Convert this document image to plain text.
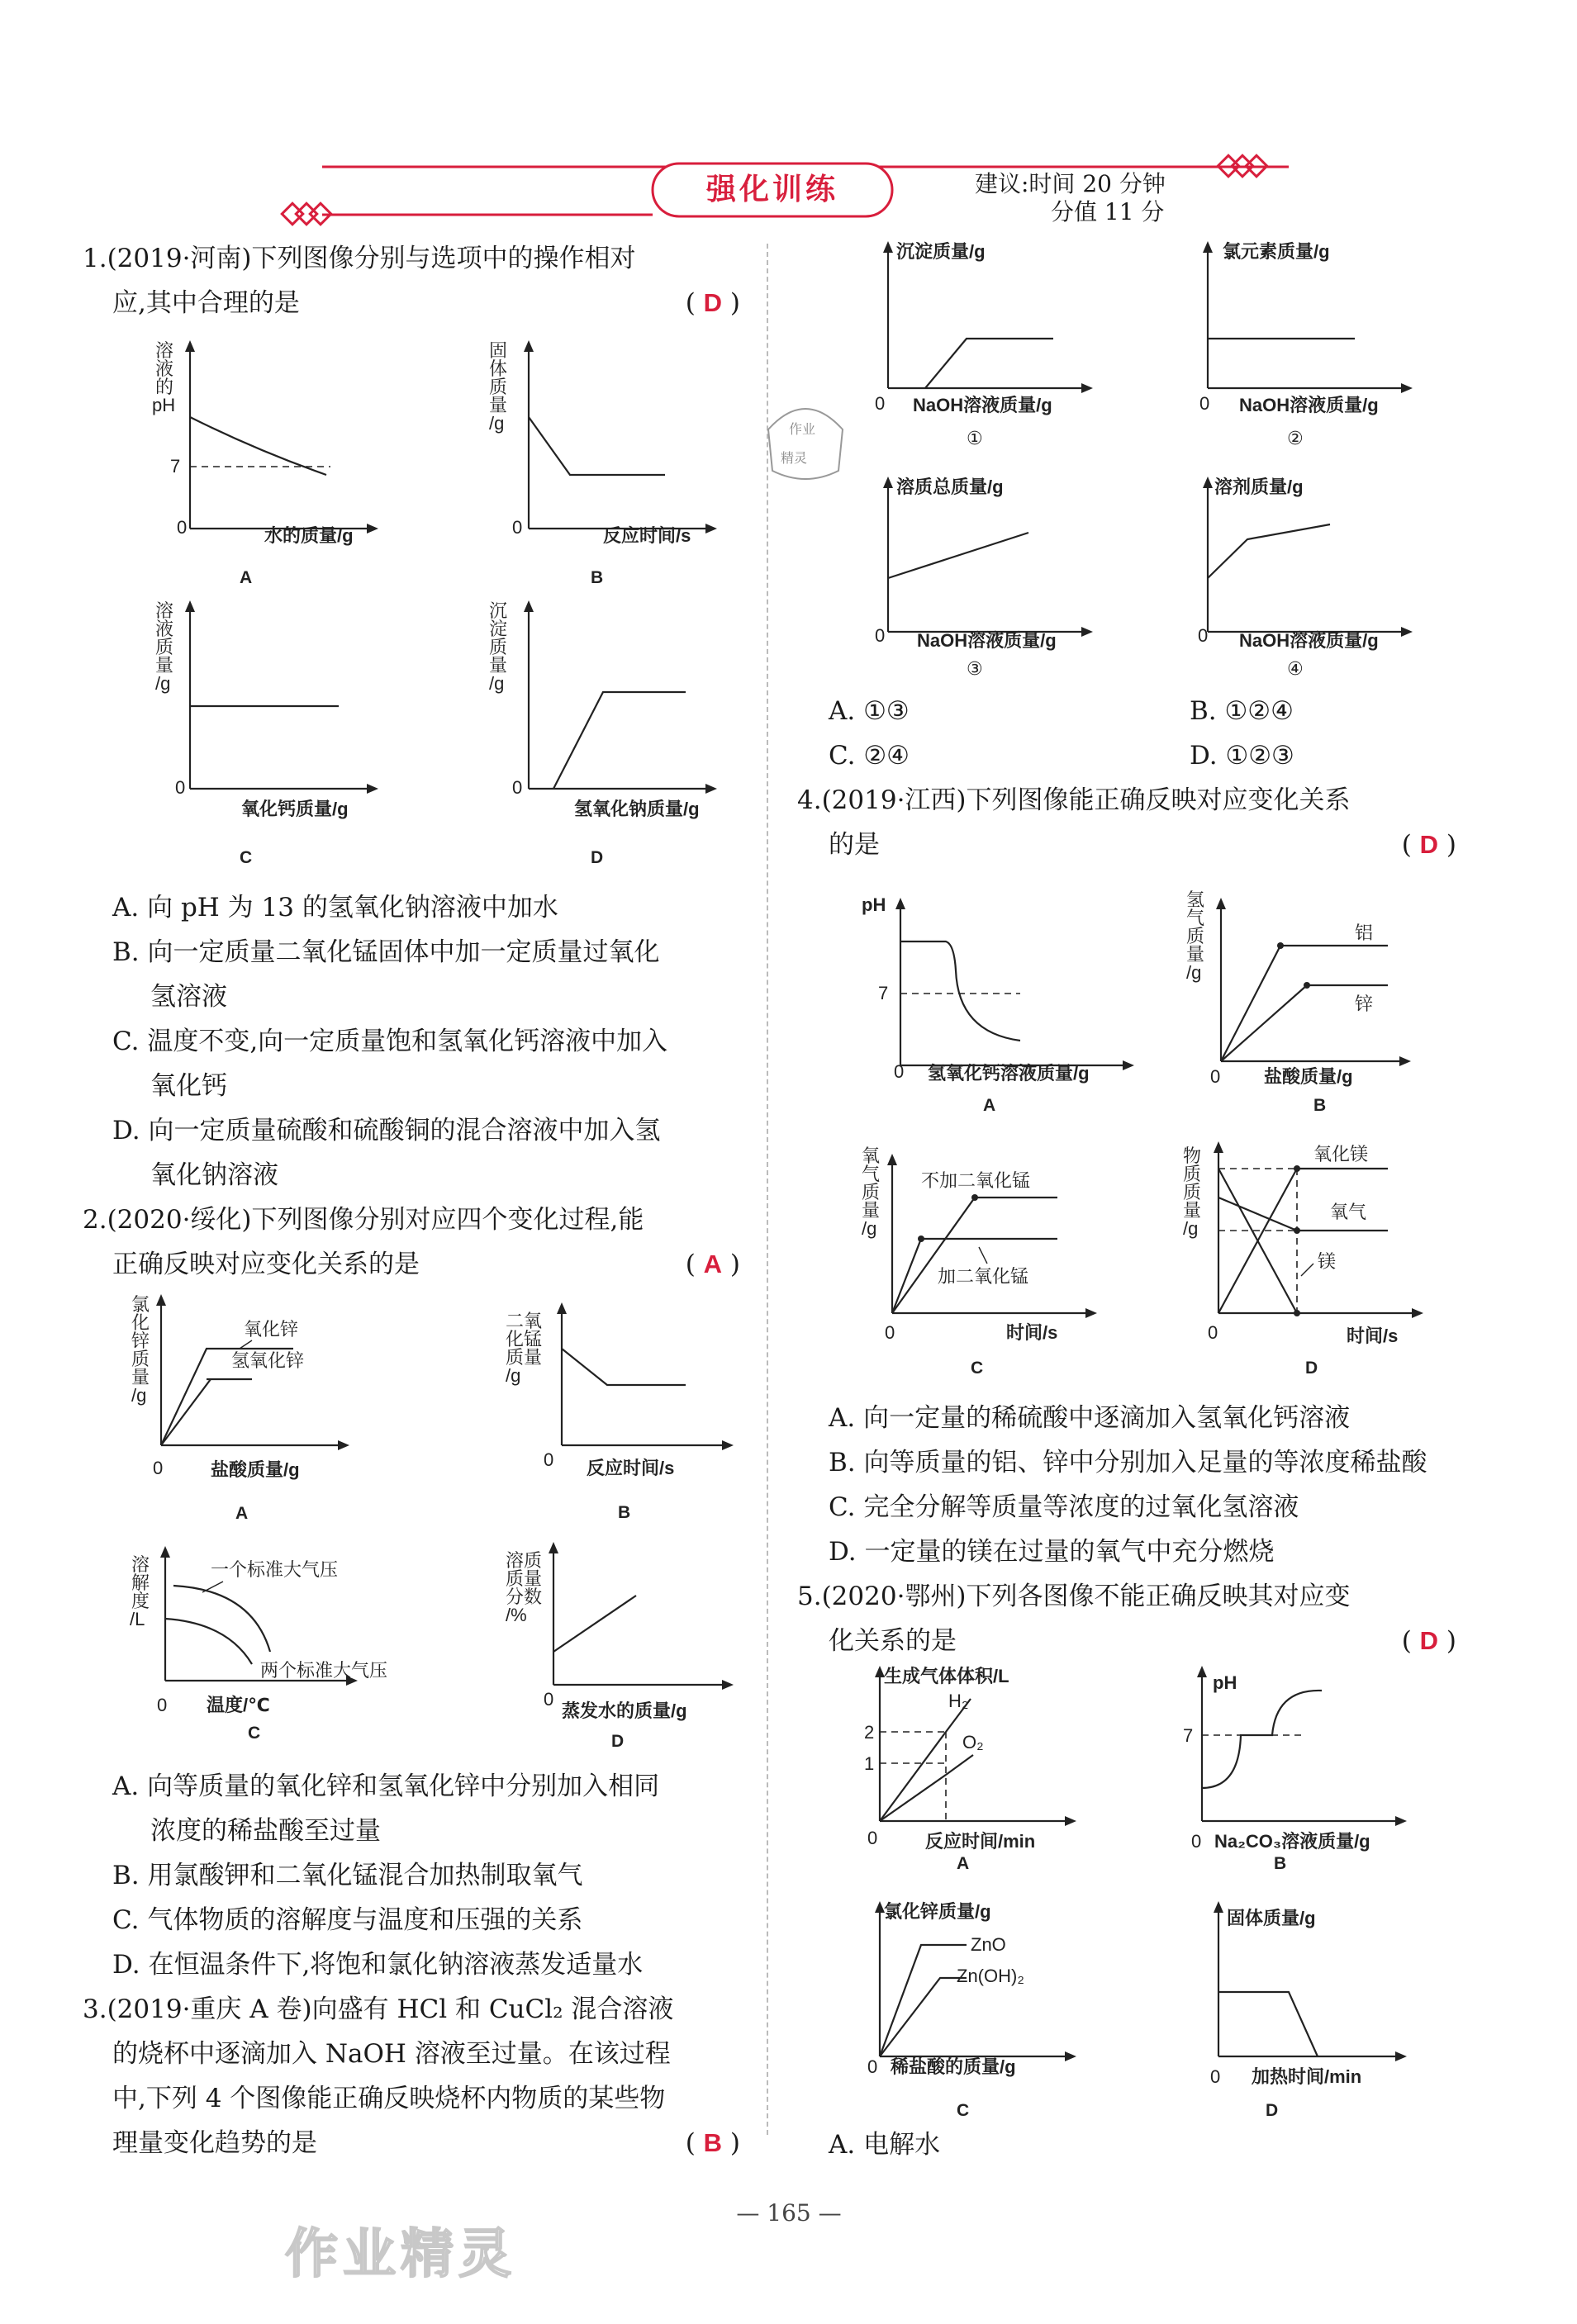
强化训练	建议:时间 20 分钟
分值 11 分
1.(2019·河南)下列图像分别与选项中的操作相对
应,其中合理的是	( D )
溶
液
的
pH
7
0	水的质量/g
A
固
体
质
量
/g
0	反应时间/s
B
溶
液
质
量
/g
0
氧化钙质量/g
C
沉
淀
质
量
/g
0
氢氧化钠质量/g
D
A. 向 pH 为 13 的氢氧化钠溶液中加水
B. 向一定质量二氧化锰固体中加一定质量过氧化
氢溶液
C. 温度不变,向一定质量饱和氢氧化钙溶液中加入
氧化钙
D. 向一定质量硫酸和硫酸铜的混合溶液中加入氢
氧化钠溶液
2.(2020·绥化)下列图像分别对应四个变化过程,能
正确反映对应变化关系的是	( A )
氯
化
锌
质
量
/g
氧化锌
氢氧化锌
0	盐酸质量/g
A
二氧
化锰
质量
/g
0 反应时间/s
B
溶
解
度
/L
一个标准大气压
两个标准大气压
0 温度/℃
C
溶质
质量
分数
/%
0
蒸发水的质量/g
D
A. 向等质量的氧化锌和氢氧化锌中分别加入相同
浓度的稀盐酸至过量
B. 用氯酸钾和二氧化锰混合加热制取氧气
C. 气体物质的溶解度与温度和压强的关系
D. 在恒温条件下,将饱和氯化钠溶液蒸发适量水
3.(2019·重庆 A 卷)向盛有 HCl 和 CuCl₂ 混合溶液
的烧杯中逐滴加入 NaOH 溶液至过量。在该过程
中,下列 4 个图像能正确反映烧杯内物质的某些物
理量变化趋势的是	( B )
沉淀质量/g
0 NaOH溶液质量/g
①
氯元素质量/g
0 NaOH溶液质量/g
②
作业
精灵
溶质总质量/g
0 NaOH溶液质量/g
③
溶剂质量/g
0 NaOH溶液质量/g
④
A. ①③	B. ①②④
C. ②④	D. ①②③
4.(2019·江西)下列图像能正确反映对应变化关系
的是	( D )
pH
7
0 氢氧化钙溶液质量/g
A
氢
气
质
量
/g
铝
锌
0 盐酸质量/g
B
氧
气
质
量
/g
不加二氧化锰
加二氧化锰
0	时间/s
C
物
质
质
量
/g
氧化镁
氧气
镁
0	时间/s
D
A. 向一定量的稀硫酸中逐滴加入氢氧化钙溶液
B. 向等质量的铝、锌中分别加入足量的等浓度稀盐酸
C. 完全分解等质量等浓度的过氧化氢溶液
D. 一定量的镁在过量的氧气中充分燃烧
5.(2020·鄂州)下列各图像不能正确反映其对应变
化关系的是	( D )
生成气体体积/L
2
1
H₂
O₂
0	反应时间/min
A
pH
7
0 Na₂CO₃溶液质量/g
B
氯化锌质量/g
ZnO
Zn(OH)₂
0 稀盐酸的质量/g
C
固体质量/g
0 加热时间/min
D
A. 电解水
— 165 —
作业精灵
